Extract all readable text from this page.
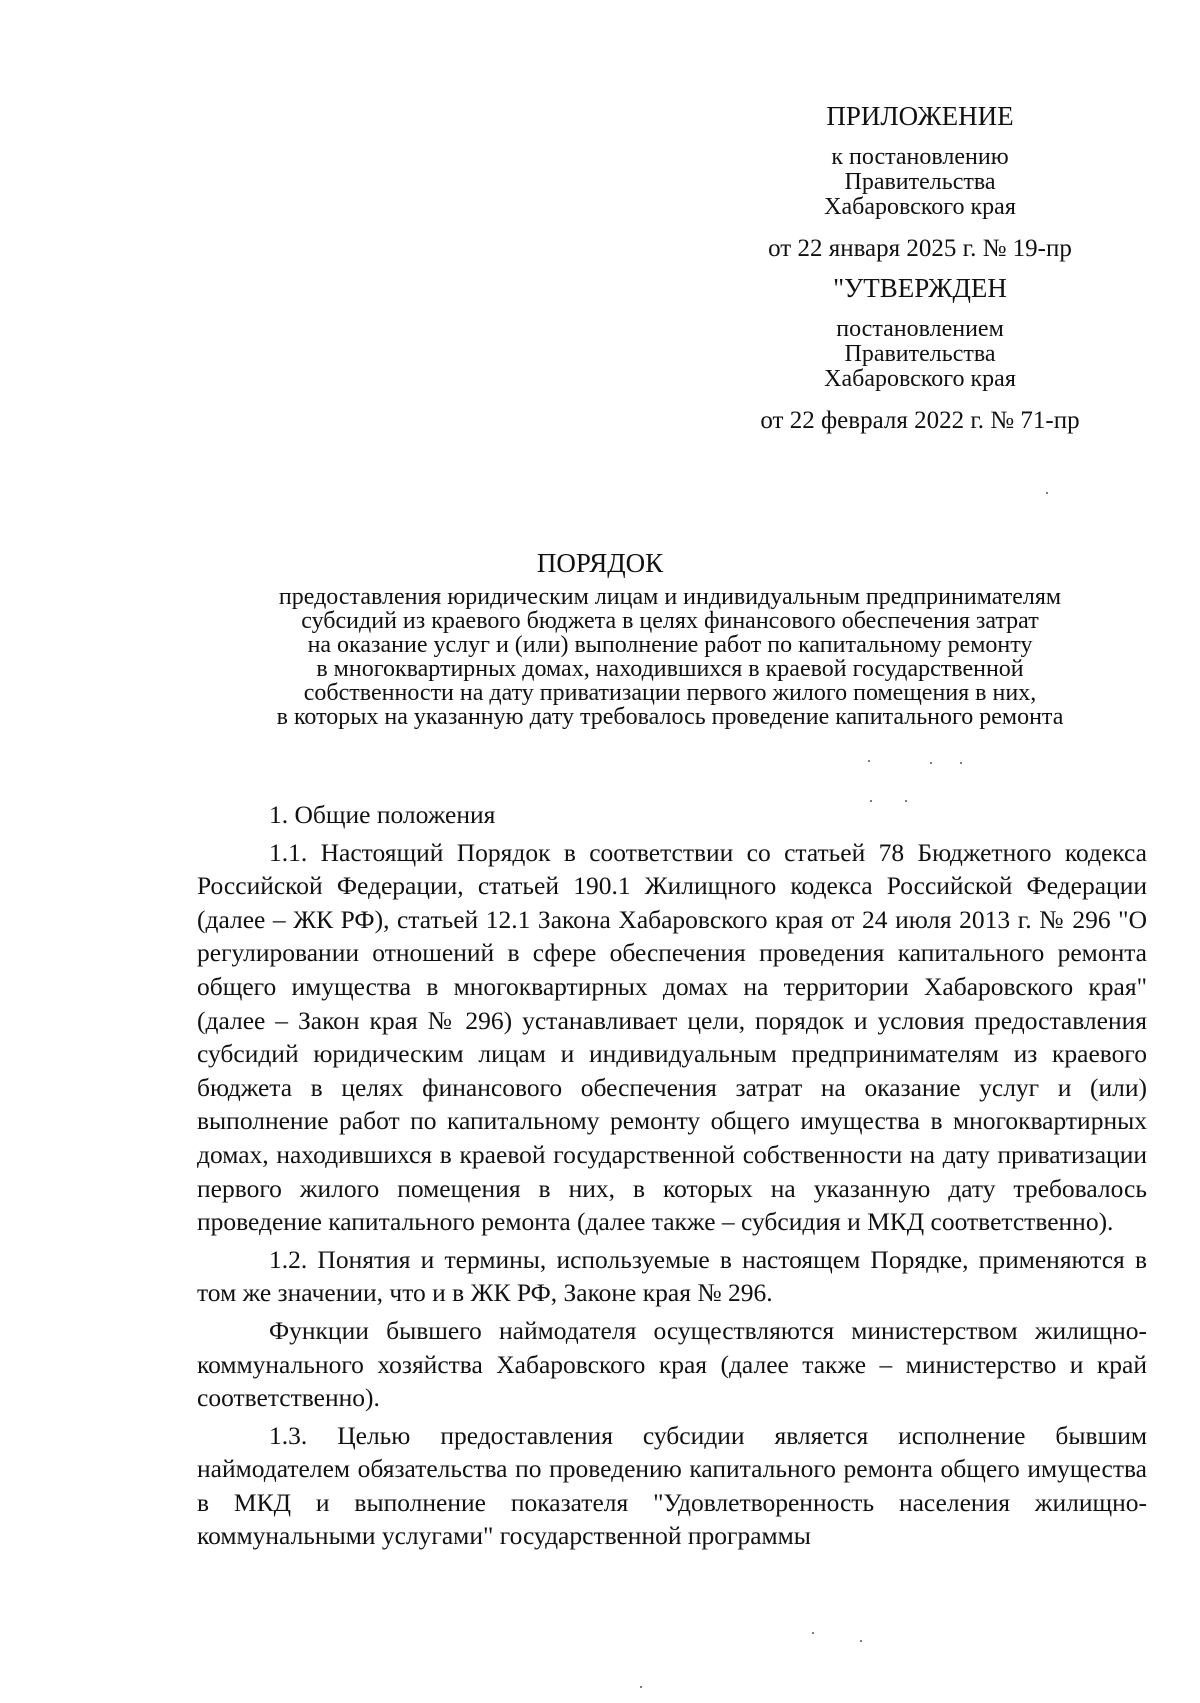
ПРИЛОЖЕНИЕ
к постановлению
Правительства
Хабаровского края
от 22 января 2025 г. № 19-пр
"УТВЕРЖДЕН
постановлением
Правительства
Хабаровского края
от 22 февраля 2022 г. № 71-пр
ПОРЯДОК
предоставления юридическим лицам и индивидуальным предпринимателям
субсидий из краевого бюджета в целях финансового обеспечения затрат
на оказание услуг и (или) выполнение работ по капитальному ремонту
в многоквартирных домах, находившихся в краевой государственной
собственности на дату приватизации первого жилого помещения в них,
в которых на указанную дату требовалось проведение капитального ремонта
1. Общие положения

1.1. Настоящий Порядок в соответствии со статьей 78 Бюджетного кодекса Российской Федерации, статьей 190.1 Жилищного кодекса Российской Федерации (далее – ЖК РФ), статьей 12.1 Закона Хабаровского края от 24 июля 2013 г. № 296 "О регулировании отношений в сфере обеспечения проведения капитального ремонта общего имущества в многоквартирных домах на территории Хабаровского края" (далее – Закон края № 296) устанавливает цели, порядок и условия предоставления субсидий юридическим лицам и индивидуальным предпринимателям из краевого бюджета в целях финансового обеспечения затрат на оказание услуг и (или) выполнение работ по капитальному ремонту общего имущества в многоквартирных домах, находившихся в краевой государственной собственности на дату приватизации первого жилого помещения в них, в которых на указанную дату требовалось проведение капитального ремонта (далее также – субсидия и МКД соответственно).

1.2. Понятия и термины, используемые в настоящем Порядке, применяются в том же значении, что и в ЖК РФ, Законе края № 296.

Функции бывшего наймодателя осуществляются министерством жилищно-коммунального хозяйства Хабаровского края (далее также – министерство и край соответственно).

1.3. Целью предоставления субсидии является исполнение бывшим наймодателем обязательства по проведению капитального ремонта общего имущества в МКД и выполнение показателя "Удовлетворенность населения жилищно-коммунальными услугами" государственной программы
